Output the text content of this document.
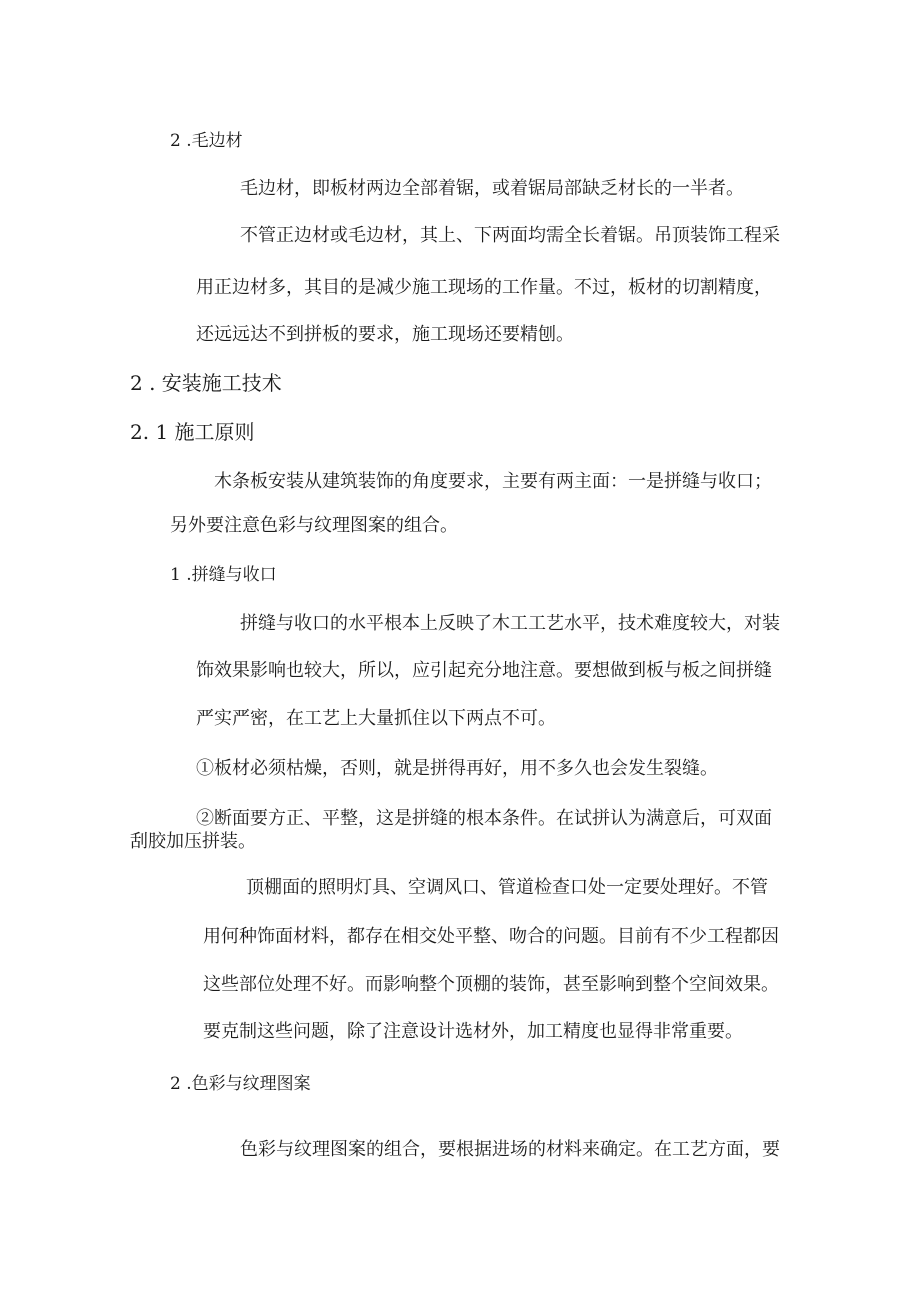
2 .毛边材

毛边材，即板材两边全部着锯，或着锯局部缺乏材长的一半者。

不管正边材或毛边材，其上、下两面均需全长着锯。吊顶装饰工程采

用正边材多，其目的是减少施工现场的工作量。不过，板材的切割精度，

还远远达不到拼板的要求，施工现场还要精刨。

2 . 安装施工技术

2. 1 施工原则

木条板安装从建筑装饰的角度要求，主要有两主面：一是拼缝与收口；

另外要注意色彩与纹理图案的组合。

1 .拼缝与收口

拼缝与收口的水平根本上反映了木工工艺水平，技术难度较大，对装

饰效果影响也较大，所以，应引起充分地注意。要想做到板与板之间拼缝

严实严密，在工艺上大量抓住以下两点不可。

①板材必须枯燥，否则，就是拼得再好，用不多久也会发生裂缝。

②断面要方正、平整，这是拼缝的根本条件。在试拼认为满意后，可双面

刮胶加压拼装。

顶棚面的照明灯具、空调风口、管道检查口处一定要处理好。不管

用何种饰面材料，都存在相交处平整、吻合的问题。目前有不少工程都因

这些部位处理不好。而影响整个顶棚的装饰，甚至影响到整个空间效果。

要克制这些问题，除了注意设计选材外，加工精度也显得非常重要。

2 .色彩与纹理图案

色彩与纹理图案的组合，要根据进场的材料来确定。在工艺方面，要
